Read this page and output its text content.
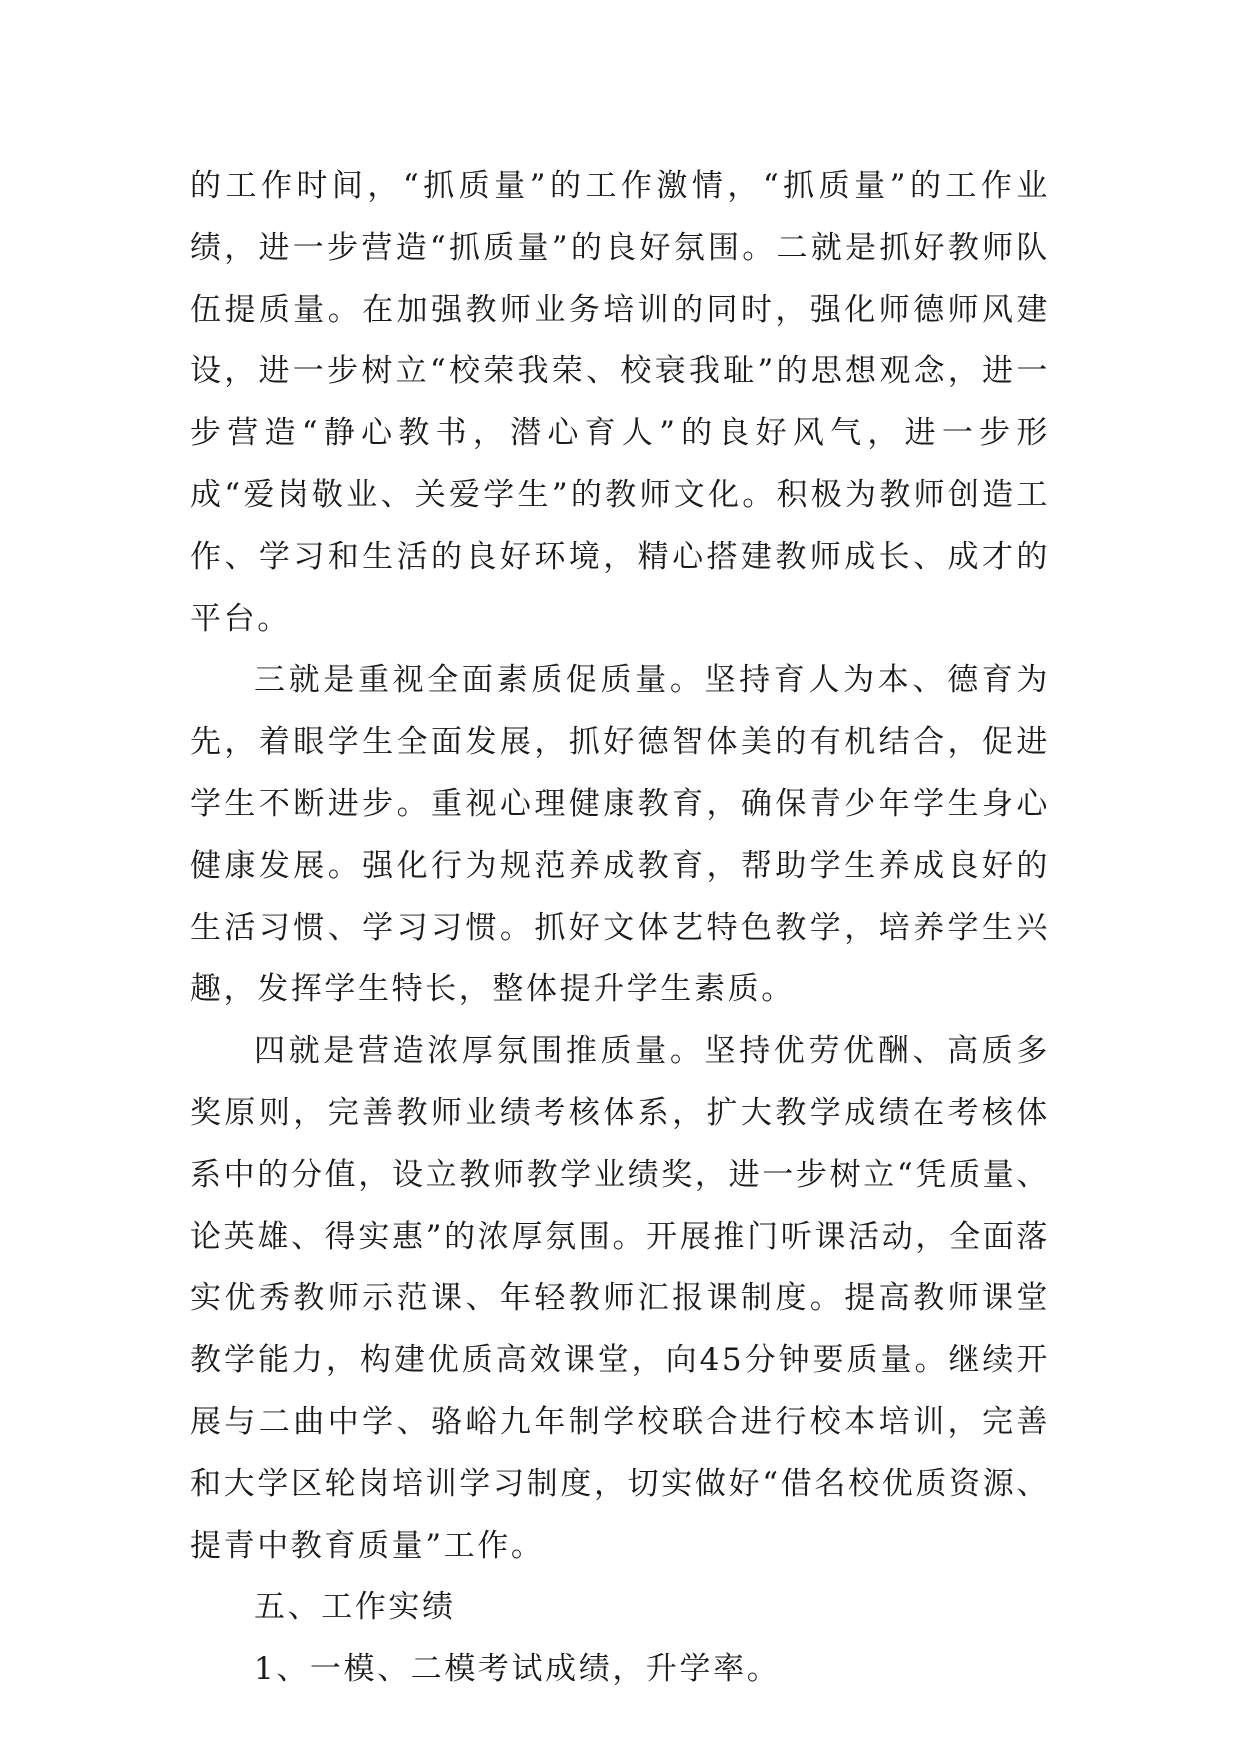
的工作时间，“抓质量”的工作激情，“抓质量”的工作业绩，进一步营造“抓质量”的良好氛围。二就是抓好教师队伍提质量。在加强教师业务培训的同时，强化师德师风建设，进一步树立“校荣我荣、校衰我耻”的思想观念，进一步营造“静心教书，潜心育人”的良好风气，进一步形成“爱岗敬业、关爱学生”的教师文化。积极为教师创造工作、学习和生活的良好环境，精心搭建教师成长、成才的平台。

三就是重视全面素质促质量。坚持育人为本、德育为先，着眼学生全面发展，抓好德智体美的有机结合，促进学生不断进步。重视心理健康教育，确保青少年学生身心健康发展。强化行为规范养成教育，帮助学生养成良好的生活习惯、学习习惯。抓好文体艺特色教学，培养学生兴趣，发挥学生特长，整体提升学生素质。

四就是营造浓厚氛围推质量。坚持优劳优酬、高质多奖原则，完善教师业绩考核体系，扩大教学成绩在考核体系中的分值，设立教师教学业绩奖，进一步树立“凭质量、论英雄、得实惠”的浓厚氛围。开展推门听课活动，全面落实优秀教师示范课、年轻教师汇报课制度。提高教师课堂教学能力，构建优质高效课堂，向45分钟要质量。继续开展与二曲中学、骆峪九年制学校联合进行校本培训，完善和大学区轮岗培训学习制度，切实做好“借名校优质资源、提青中教育质量”工作。

五、工作实绩

1、一模、二模考试成绩，升学率。
